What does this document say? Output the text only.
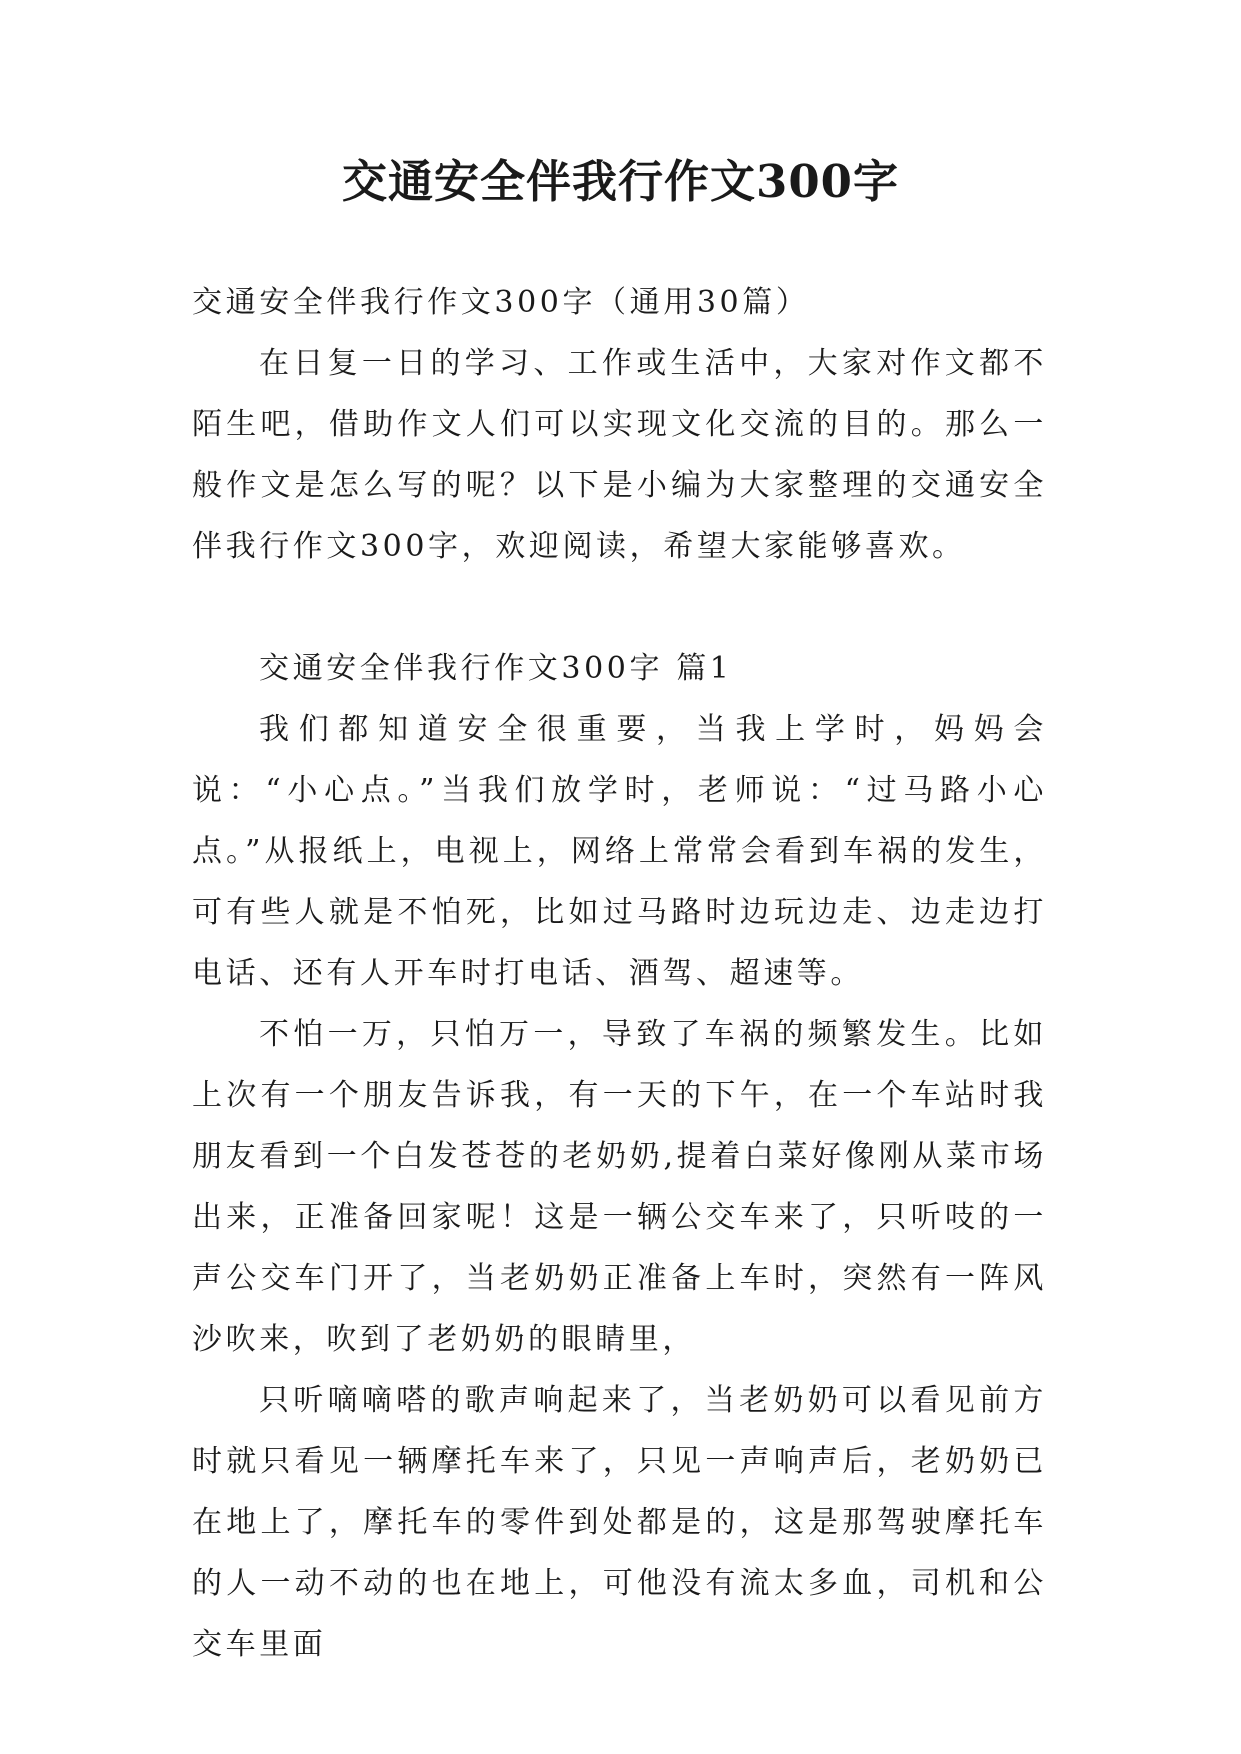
交通安全伴我行作文300字

交通安全伴我行作文300字（通用30篇）

在日复一日的学习、工作或生活中，大家对作文都不陌生吧，借助作文人们可以实现文化交流的目的。那么一般作文是怎么写的呢？以下是小编为大家整理的交通安全伴我行作文300字，欢迎阅读，希望大家能够喜欢。

交通安全伴我行作文300字 篇1

我们都知道安全很重要，当我上学时，妈妈会说：“小心点。”当我们放学时，老师说：“过马路小心点。”从报纸上，电视上，网络上常常会看到车祸的发生，可有些人就是不怕死，比如过马路时边玩边走、边走边打电话、还有人开车时打电话、酒驾、超速等。

不怕一万，只怕万一，导致了车祸的频繁发生。比如上次有一个朋友告诉我，有一天的下午，在一个车站时我朋友看到一个白发苍苍的老奶奶,提着白菜好像刚从菜市场出来，正准备回家呢！这是一辆公交车来了，只听吱的一声公交车门开了，当老奶奶正准备上车时，突然有一阵风沙吹来，吹到了老奶奶的眼睛里，

只听嘀嘀嗒的歌声响起来了，当老奶奶可以看见前方时就只看见一辆摩托车来了，只见一声响声后，老奶奶已在地上了，摩托车的零件到处都是的，这是那驾驶摩托车的人一动不动的也在地上，可他没有流太多血，司机和公交车里面
